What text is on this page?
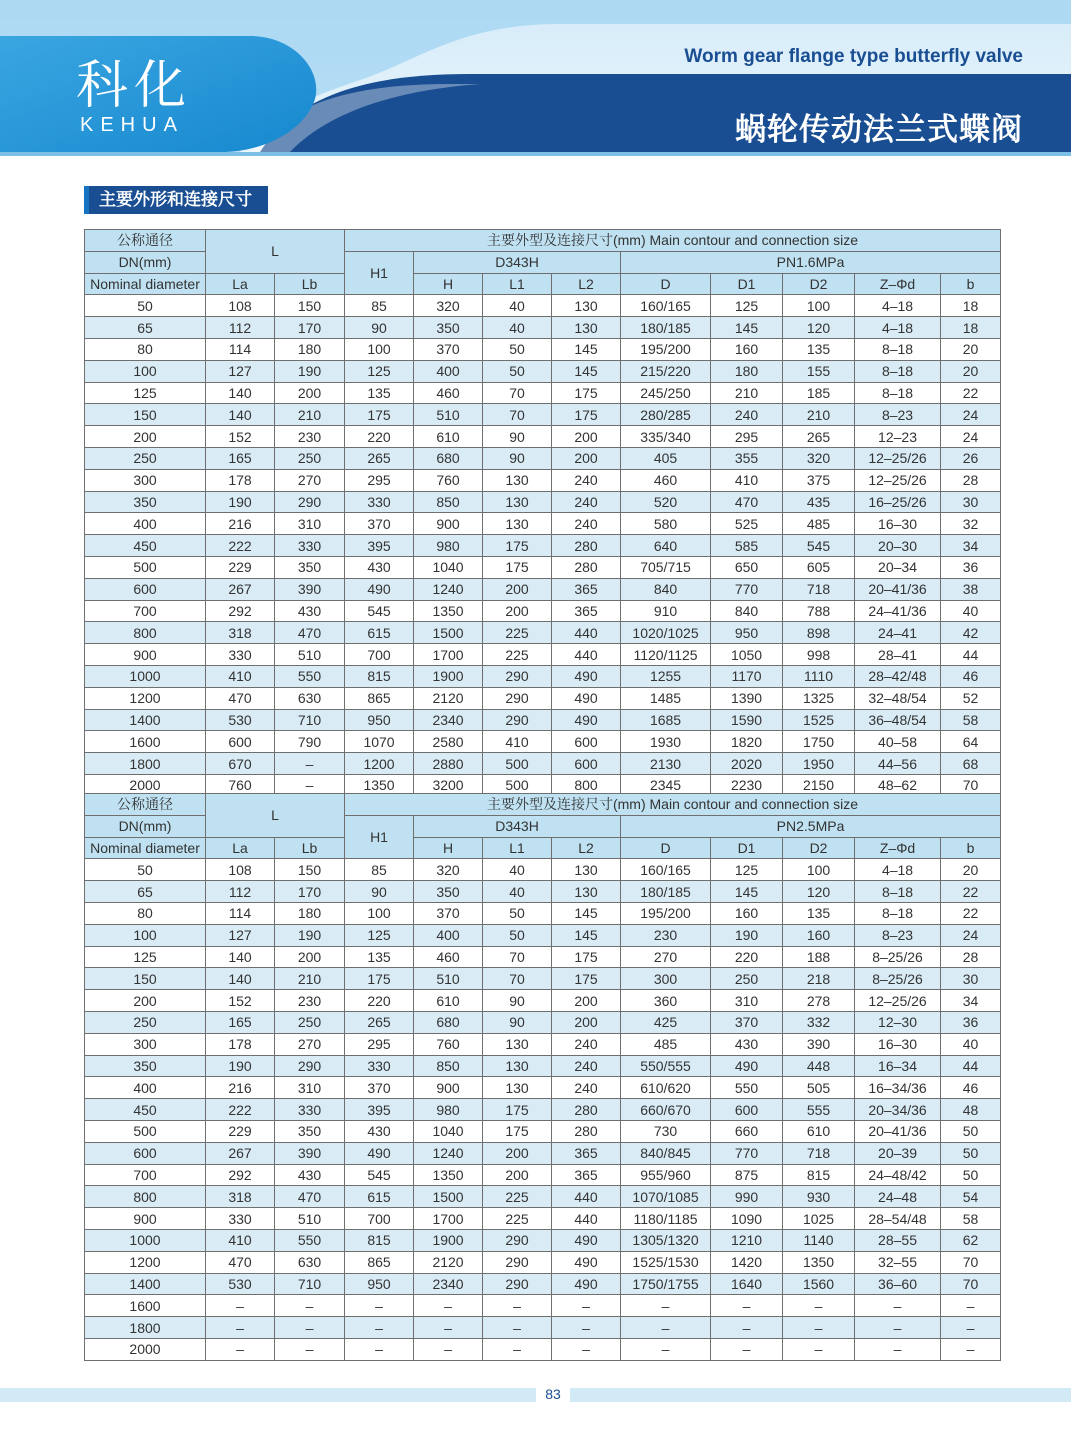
科化
KEHUA
Worm gear flange type butterfly valve
蜗轮传动法兰式蝶阀
主要外形和连接尺寸
公称通径	L		主要外型及连接尺寸(mm) Main contour and connection size								
DN(mm)			H1	D343H			PN1.6MPa				
Nominal diameter	La	Lb		H	L1	L2	D	D1	D2	Z–Φd	b
50	108	150	85	320	40	130	160/165	125	100	4–18	18
65	112	170	90	350	40	130	180/185	145	120	4–18	18
80	114	180	100	370	50	145	195/200	160	135	8–18	20
100	127	190	125	400	50	145	215/220	180	155	8–18	20
125	140	200	135	460	70	175	245/250	210	185	8–18	22
150	140	210	175	510	70	175	280/285	240	210	8–23	24
200	152	230	220	610	90	200	335/340	295	265	12–23	24
250	165	250	265	680	90	200	405	355	320	12–25/26	26
300	178	270	295	760	130	240	460	410	375	12–25/26	28
350	190	290	330	850	130	240	520	470	435	16–25/26	30
400	216	310	370	900	130	240	580	525	485	16–30	32
450	222	330	395	980	175	280	640	585	545	20–30	34
500	229	350	430	1040	175	280	705/715	650	605	20–34	36
600	267	390	490	1240	200	365	840	770	718	20–41/36	38
700	292	430	545	1350	200	365	910	840	788	24–41/36	40
800	318	470	615	1500	225	440	1020/1025	950	898	24–41	42
900	330	510	700	1700	225	440	1120/1125	1050	998	28–41	44
1000	410	550	815	1900	290	490	1255	1170	1110	28–42/48	46
1200	470	630	865	2120	290	490	1485	1390	1325	32–48/54	52
1400	530	710	950	2340	290	490	1685	1590	1525	36–48/54	58
1600	600	790	1070	2580	410	600	1930	1820	1750	40–58	64
1800	670	–	1200	2880	500	600	2130	2020	1950	44–56	68
2000	760	–	1350	3200	500	800	2345	2230	2150	48–62	70
公称通径	L		主要外型及连接尺寸(mm) Main contour and connection size								
DN(mm)			H1	D343H			PN2.5MPa				
Nominal diameter	La	Lb		H	L1	L2	D	D1	D2	Z–Φd	b
50	108	150	85	320	40	130	160/165	125	100	4–18	20
65	112	170	90	350	40	130	180/185	145	120	8–18	22
80	114	180	100	370	50	145	195/200	160	135	8–18	22
100	127	190	125	400	50	145	230	190	160	8–23	24
125	140	200	135	460	70	175	270	220	188	8–25/26	28
150	140	210	175	510	70	175	300	250	218	8–25/26	30
200	152	230	220	610	90	200	360	310	278	12–25/26	34
250	165	250	265	680	90	200	425	370	332	12–30	36
300	178	270	295	760	130	240	485	430	390	16–30	40
350	190	290	330	850	130	240	550/555	490	448	16–34	44
400	216	310	370	900	130	240	610/620	550	505	16–34/36	46
450	222	330	395	980	175	280	660/670	600	555	20–34/36	48
500	229	350	430	1040	175	280	730	660	610	20–41/36	50
600	267	390	490	1240	200	365	840/845	770	718	20–39	50
700	292	430	545	1350	200	365	955/960	875	815	24–48/42	50
800	318	470	615	1500	225	440	1070/1085	990	930	24–48	54
900	330	510	700	1700	225	440	1180/1185	1090	1025	28–54/48	58
1000	410	550	815	1900	290	490	1305/1320	1210	1140	28–55	62
1200	470	630	865	2120	290	490	1525/1530	1420	1350	32–55	70
1400	530	710	950	2340	290	490	1750/1755	1640	1560	36–60	70
1600	–	–	–	–	–	–	–	–	–	–	–
1800	–	–	–	–	–	–	–	–	–	–	–
2000	–	–	–	–	–	–	–	–	–	–	–
83
